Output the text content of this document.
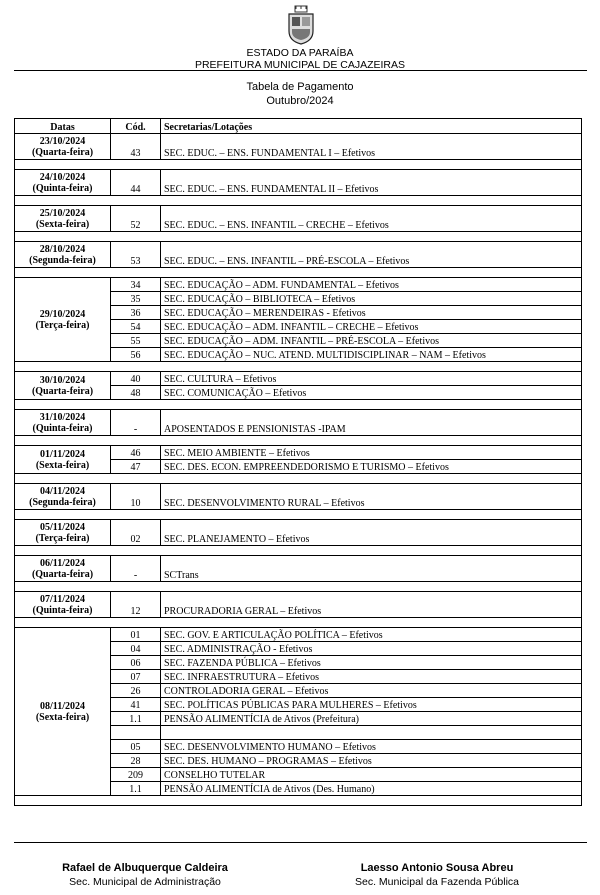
ESTADO DA PARAÍBA
PREFEITURA MUNICIPAL DE CAJAZEIRAS
Tabela de Pagamento
Outubro/2024
Datas	Cód.	Secretarias/Lotações

23/10/2024
(Quarta-feira)	43	SEC. EDUC. – ENS. FUNDAMENTAL I – Efetivos

24/10/2024
(Quinta-feira)	44	SEC. EDUC. – ENS. FUNDAMENTAL II – Efetivos

25/10/2024
(Sexta-feira)	52	SEC. EDUC. – ENS. INFANTIL – CRECHE – Efetivos

28/10/2024
(Segunda-feira)	53	SEC. EDUC. – ENS. INFANTIL – PRÉ-ESCOLA – Efetivos

29/10/2024
(Terça-feira)	34	SEC. EDUCAÇÃO – ADM. FUNDAMENTAL – Efetivos
	35	SEC. EDUCAÇÃO – BIBLIOTECA – Efetivos
	36	SEC. EDUCAÇÃO – MERENDEIRAS - Efetivos
	54	SEC. EDUCAÇÃO – ADM. INFANTIL – CRECHE – Efetivos
	55	SEC. EDUCAÇÃO – ADM. INFANTIL – PRÉ-ESCOLA – Efetivos
	56	SEC. EDUCAÇÃO – NUC. ATEND. MULTIDISCIPLINAR – NAM – Efetivos

30/10/2024
(Quarta-feira)	40	SEC. CULTURA – Efetivos
	48	SEC. COMUNICAÇÃO – Efetivos

31/10/2024
(Quinta-feira)	-	APOSENTADOS E PENSIONISTAS -IPAM

01/11/2024
(Sexta-feira)	46	SEC. MEIO AMBIENTE – Efetivos
	47	SEC. DES. ECON. EMPREENDEDORISMO E TURISMO – Efetivos

04/11/2024
(Segunda-feira)	10	SEC. DESENVOLVIMENTO RURAL – Efetivos

05/11/2024
(Terça-feira)	02	SEC. PLANEJAMENTO – Efetivos

06/11/2024
(Quarta-feira)	-	SCTrans

07/11/2024
(Quinta-feira)	12	PROCURADORIA GERAL – Efetivos

08/11/2024
(Sexta-feira)	01	SEC. GOV. E ARTICULAÇÃO POLÍTICA – Efetivos
	04	SEC. ADMINISTRAÇÃO - Efetivos
	06	SEC. FAZENDA PÚBLICA – Efetivos
	07	SEC. INFRAESTRUTURA – Efetivos
	26	CONTROLADORIA GERAL – Efetivos
	41	SEC. POLÍTICAS PÚBLICAS PARA MULHERES – Efetivos
	1.1	PENSÃO ALIMENTÍCIA de Ativos (Prefeitura)

	05	SEC. DESENVOLVIMENTO HUMANO – Efetivos
	28	SEC. DES. HUMANO – PROGRAMAS – Efetivos
	209	CONSELHO TUTELAR
	1.1	PENSÃO ALIMENTÍCIA de Ativos (Des. Humano)

Rafael de Albuquerque Caldeira
Sec. Municipal de Administração
Laesso Antonio Sousa Abreu
Sec. Municipal da Fazenda Pública
